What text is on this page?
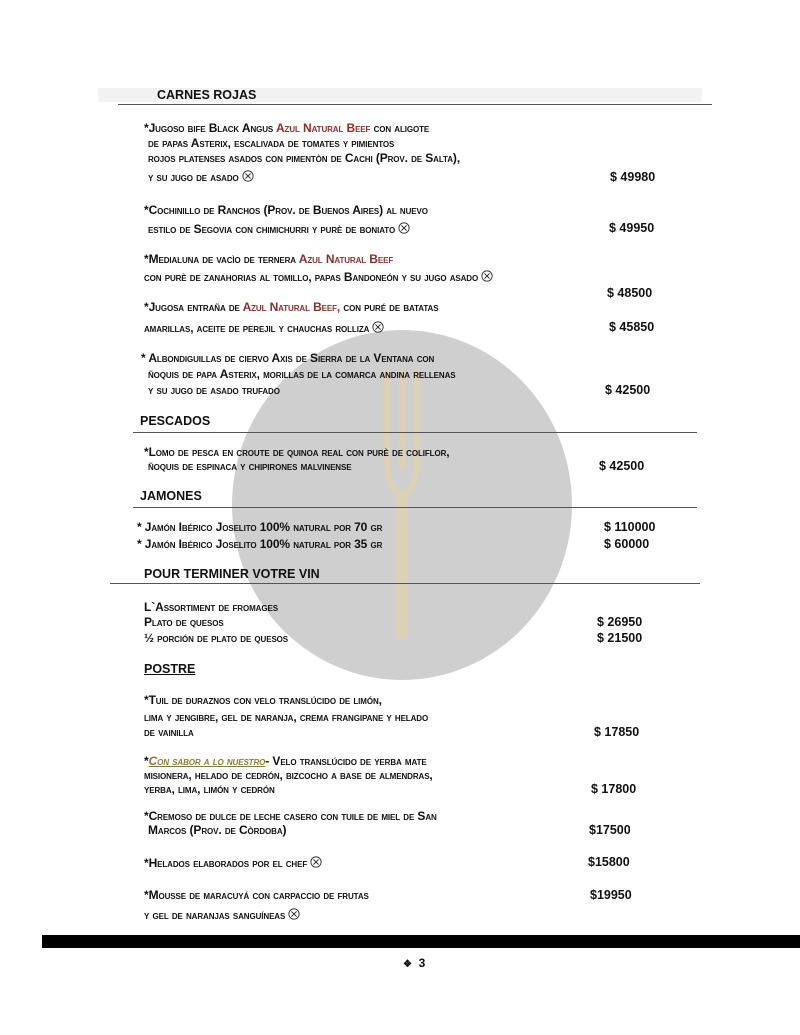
CARNES ROJAS
*Jugoso bife Black Angus Azul Natural Beef con aligote
de papas Asterix, escalivada de tomates y pimientos
rojos platenses asados con pimentòn de Cachi (Prov. de Salta),
y su jugo de asado	$ 49980
*Cochinillo de Ranchos (Prov. de Buenos Aires) al nuevo
estilo de Segovia con chimichurri y purè de boniato	$ 49950
*Medialuna de vacìo de ternera Azul Natural Beef
con purè de zanahorias al tomillo, papas Bandoneón y su jugo asado
$ 48500
*Jugosa entraña de Azul Natural Beef, con puré de batatas
amarillas, aceite de perejil y chauchas rolliza	$ 45850
* Albondiguillas de ciervo Axis de Sierra de la Ventana con
ñoquis de papa Asterix, morillas de la comarca andina rellenas
y su jugo de asado trufado	$ 42500
PESCADOS
*Lomo de pesca en croute de quinoa real con purè de coliflor,
ñoquis de espinaca y chipirones malvinense	$ 42500
JAMONES
* Jamón Ibérico Joselito 100% natural por 70 gr	$ 110000
* Jamón Ibérico Joselito 100% natural por 35 gr	$ 60000
POUR TERMINER VOTRE VIN
L`Assortiment de fromages
Plato de quesos	$ 26950
½ porción de plato de quesos	$ 21500
POSTRE
*Tuil de duraznos con velo translúcido de limón,
lima y jengibre, gel de naranja, crema frangipane y helado
de vainilla	$ 17850
*Con sabor a lo nuestro- Velo translúcido de yerba mate
misionera, helado de cedrón, bizcocho a base de almendras,
yerba, lima, limón y cedrón	$ 17800
*Cremoso de dulce de leche casero con tuile de miel de San
Marcos (Prov. de Còrdoba)	$17500
*Helados elaborados por el chef	$15800
*Mousse de maracuyá con carpaccio de frutas	$19950
y gel de naranjas sanguíneas
❖ 3
